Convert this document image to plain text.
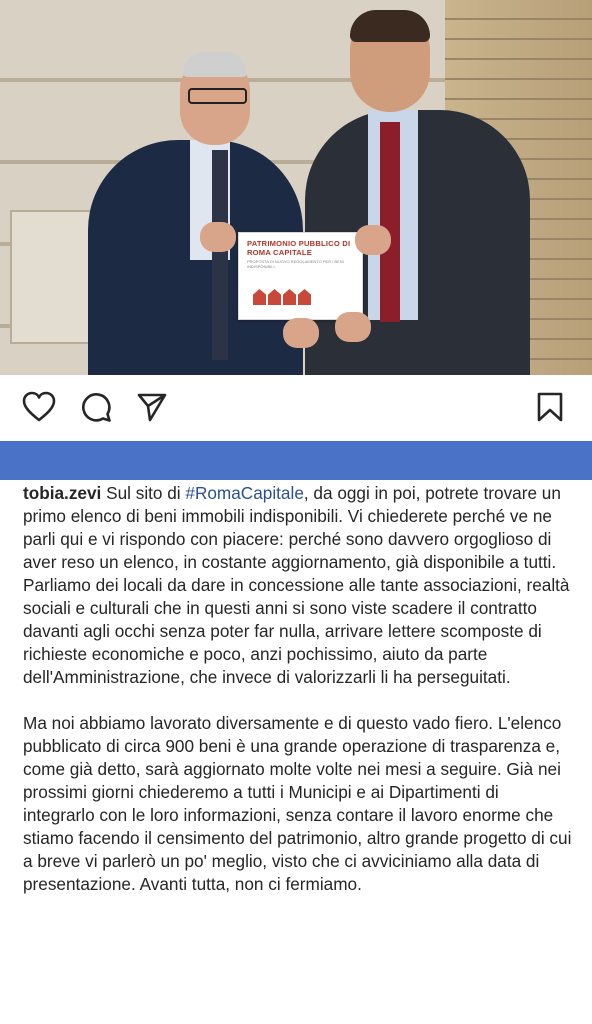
PATRIMONIO PUBBLICO DI ROMA CAPITALE
PROPOSTA DI NUOVO REGOLAMENTO PER I BENI INDISPONIBILI

tobia.zevi Sul sito di #RomaCapitale, da oggi in poi, potrete trovare un primo elenco di beni immobili indisponibili. Vi chiederete perché ve ne parli qui e vi rispondo con piacere: perché sono davvero orgoglioso di aver reso un elenco, in costante aggiornamento, già disponibile a tutti. Parliamo dei locali da dare in concessione alle tante associazioni, realtà sociali e culturali che in questi anni si sono viste scadere il contratto davanti agli occhi senza poter far nulla, arrivare lettere scomposte di richieste economiche e poco, anzi pochissimo, aiuto da parte dell'Amministrazione, che invece di valorizzarli li ha perseguitati.

Ma noi abbiamo lavorato diversamente e di questo vado fiero. L'elenco pubblicato di circa 900 beni è una grande operazione di trasparenza e, come già detto, sarà aggiornato molte volte nei mesi a seguire. Già nei prossimi giorni chiederemo a tutti i Municipi e ai Dipartimenti di integrarlo con le loro informazioni, senza contare il lavoro enorme che stiamo facendo il censimento del patrimonio, altro grande progetto di cui a breve vi parlerò un po' meglio, visto che ci avviciniamo alla data di presentazione. Avanti tutta, non ci fermiamo.
